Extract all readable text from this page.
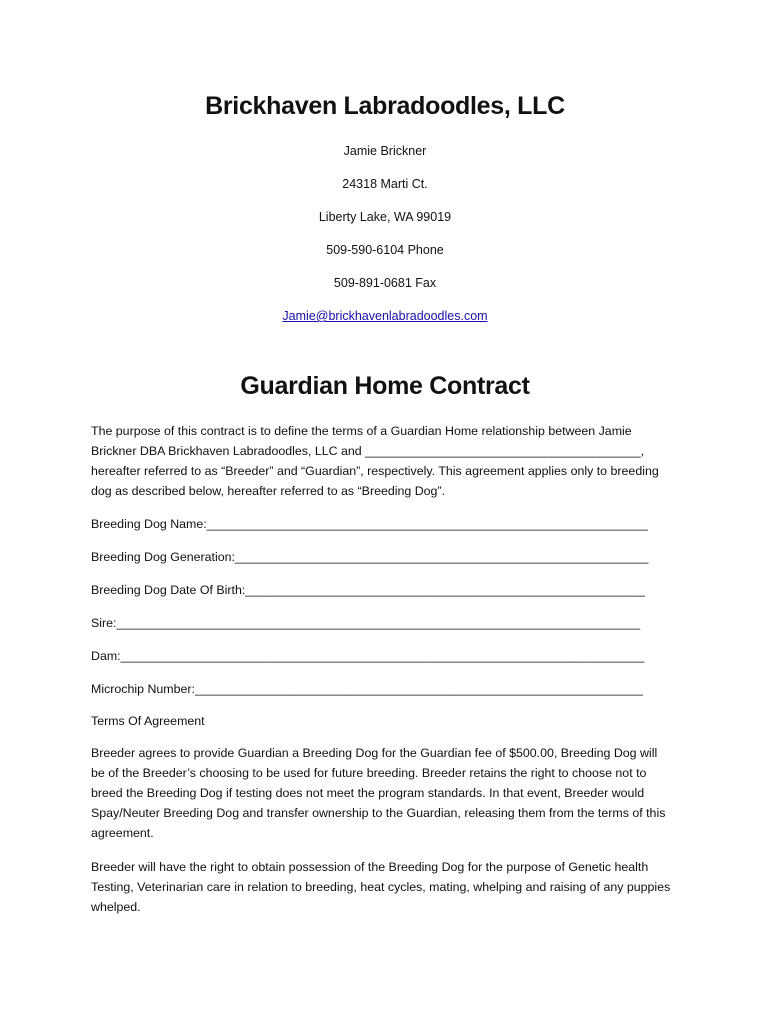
Brickhaven Labradoodles, LLC
Jamie Brickner
24318 Marti Ct.
Liberty Lake, WA 99019
509-590-6104 Phone
509-891-0681 Fax
Jamie@brickhavenlabradoodles.com
Guardian Home Contract

The purpose of this contract is to define the terms of a Guardian Home relationship between Jamie Brickner DBA Brickhaven Labradoodles, LLC and ________________________________________, hereafter referred to as “Breeder” and “Guardian”, respectively. This agreement applies only to breeding dog as described below, hereafter referred to as “Breeding Dog”.

Breeding Dog Name:________________________________________________________________
Breeding Dog Generation:____________________________________________________________
Breeding Dog Date Of Birth:__________________________________________________________
Sire:____________________________________________________________________________
Dam:____________________________________________________________________________
Microchip Number:_________________________________________________________________
Terms Of Agreement

Breeder agrees to provide Guardian a Breeding Dog for the Guardian fee of $500.00, Breeding Dog will be of the Breeder’s choosing to be used for future breeding. Breeder retains the right to choose not to breed the Breeding Dog if testing does not meet the program standards. In that event, Breeder would Spay/Neuter Breeding Dog and transfer ownership to the Guardian, releasing them from the terms of this agreement.

Breeder will have the right to obtain possession of the Breeding Dog for the purpose of Genetic health Testing, Veterinarian care in relation to breeding, heat cycles, mating, whelping and raising of any puppies whelped.
